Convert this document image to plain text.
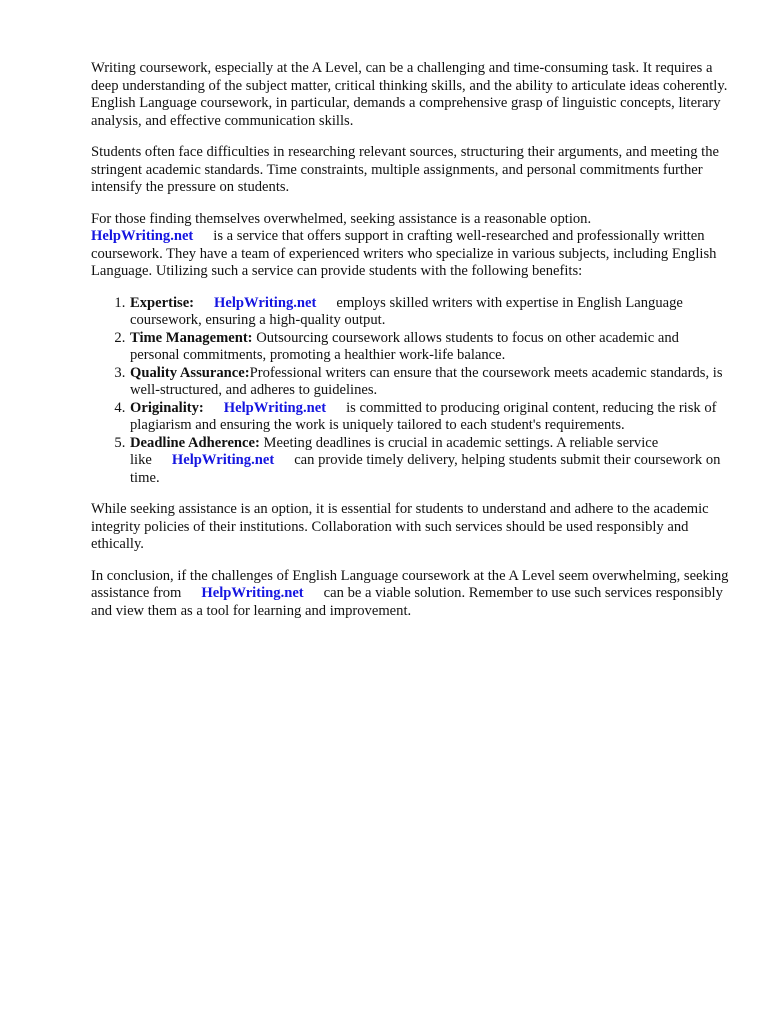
Writing coursework, especially at the A Level, can be a challenging and time-consuming task. It requires a deep understanding of the subject matter, critical thinking skills, and the ability to articulate ideas coherently. English Language coursework, in particular, demands a comprehensive grasp of linguistic concepts, literary analysis, and effective communication skills.

Students often face difficulties in researching relevant sources, structuring their arguments, and meeting the stringent academic standards. Time constraints, multiple assignments, and personal commitments further intensify the pressure on students.

For those finding themselves overwhelmed, seeking assistance is a reasonable option.
HelpWriting.net is a service that offers support in crafting well-researched and professionally written coursework. They have a team of experienced writers who specialize in various subjects, including English Language. Utilizing such a service can provide students with the following benefits:

1. Expertise: HelpWriting.net employs skilled writers with expertise in English Language coursework, ensuring a high-quality output.
2. Time Management: Outsourcing coursework allows students to focus on other academic and personal commitments, promoting a healthier work-life balance.
3. Quality Assurance:Professional writers can ensure that the coursework meets academic standards, is well-structured, and adheres to guidelines.
4. Originality: HelpWriting.net is committed to producing original content, reducing the risk of plagiarism and ensuring the work is uniquely tailored to each student's requirements.
5. Deadline Adherence: Meeting deadlines is crucial in academic settings. A reliable service like HelpWriting.net can provide timely delivery, helping students submit their coursework on time.

While seeking assistance is an option, it is essential for students to understand and adhere to the academic integrity policies of their institutions. Collaboration with such services should be used responsibly and ethically.

In conclusion, if the challenges of English Language coursework at the A Level seem overwhelming, seeking assistance from HelpWriting.net can be a viable solution. Remember to use such services responsibly and view them as a tool for learning and improvement.
